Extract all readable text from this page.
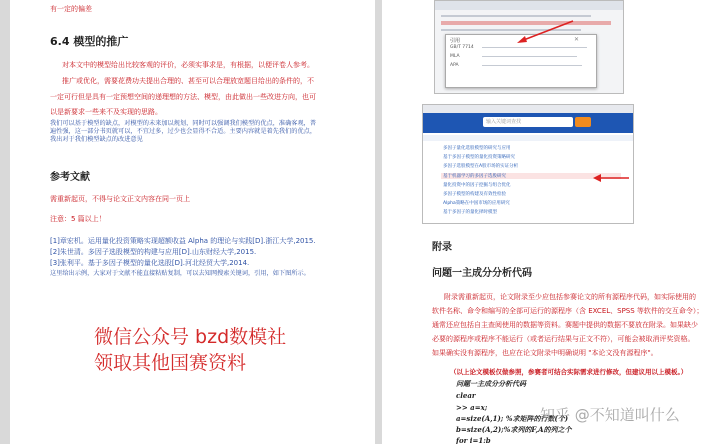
有一定的偏差
6.4 模型的推广
对本文中的模型给出比较客观的评价，必须实事求是，有根据，以便评卷人参考。
推广或优化，需要花费功夫提出合理的、甚至可以合理放宽题目给出的条件的，不
一定可行但是具有一定预想空间的递理想的方法、模型，由此做出一些改进方向，也可
以是新要求一些来不及实现的思路。
我们可以基于模型的缺点，对模型的未来加以规划，同时可以强调我们模型的优点，准确客观，普
遍性强，这一部分书页就可以，不宜过多，过少也会显得不合适。主要内容就是着先我们的优点，
我出对于我们模型缺点的改进意见
参考文献
需重新起页，不得与论文正文内容在同一页上
注意：5 篇以上！
[1]章宏机。运用量化投资策略实现超额收益 Alpha 的理论与实践[D].浙江大学,2015.
[2]朱世清。多因子选股模型的构建与应用[D].山东财经大学,2015.
[3]张利平。基于多因子模型的量化选股[D].河北经贸大学,2014.
这里给出示例，大家对于文献不能直接粘贴复制，可以去知网搜索关键词，引用，如下图所示。
微信公众号 bzd数模社
领取其他国赛资料
引用
GB/T 7714
MLA
APA
✕
输入关键词查找
多因子量化选股模型的研究与应用
基于多因子模型的量化投资策略研究
多因子选股模型在A股市场的实证分析
基于机器学习的多因子选股研究
量化投资中的因子挖掘与组合优化
多因子模型的构建及有效性检验
Alpha策略在中国市场的应用研究
基于多因子的量化择时模型
附录
问题一主成分分析代码
附录需重新起页，论文附录至少应包括参赛论文的所有源程序代码，如实际使用的
软件名称、命令和编写的全部可运行的源程序（含 EXCEL、SPSS 等软件的交互命令）；
通常还应包括自主查阅使用的数据等资料。赛题中提供的数据不要放在附录。如果缺少
必要的源程序或程序不能运行（或者运行结果与正文不符），可能会被取消评奖资格。
如果确实没有源程序，也应在论文附录中明确说明 "本论文没有源程序"。
（以上论文模板仅做参照，参赛者可结合实际需求进行修改，但建议用以上模板。）
问题一主成分分析代码
clear
>> a=x;
a=size(A,1); %求矩阵的行数(个)
b=size(A,2);%求列的F,A的列之个
for i=1:b
知乎 @不知道叫什么
